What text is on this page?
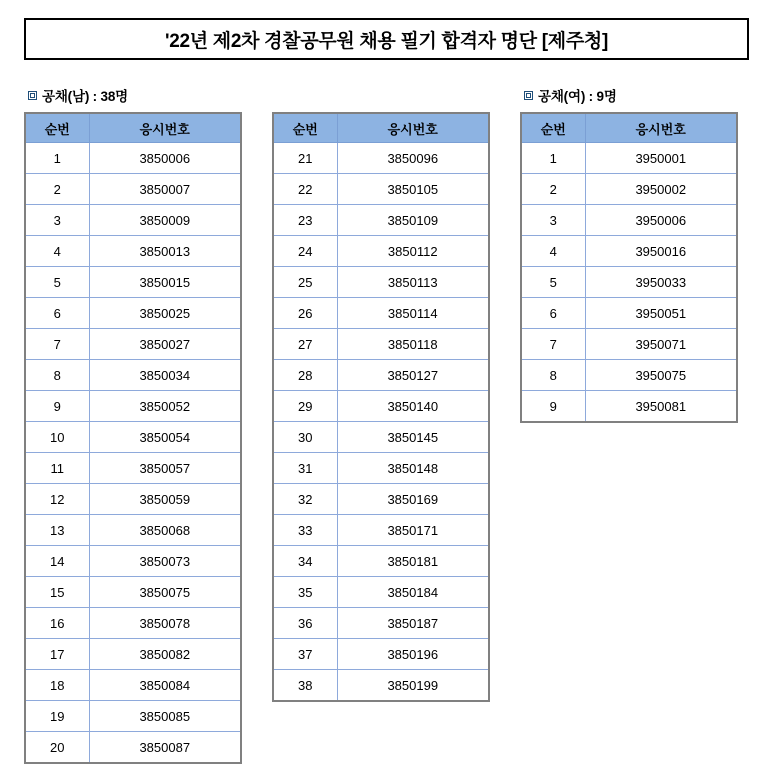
'22년 제2차 경찰공무원 채용 필기 합격자 명단 [제주청]
공채(남) : 38명	공채(여) : 9명
순번	응시번호
1	3850006
2	3850007
3	3850009
4	3850013
5	3850015
6	3850025
7	3850027
8	3850034
9	3850052
10	3850054
11	3850057
12	3850059
13	3850068
14	3850073
15	3850075
16	3850078
17	3850082
18	3850084
19	3850085
20	3850087
순번	응시번호
21	3850096
22	3850105
23	3850109
24	3850112
25	3850113
26	3850114
27	3850118
28	3850127
29	3850140
30	3850145
31	3850148
32	3850169
33	3850171
34	3850181
35	3850184
36	3850187
37	3850196
38	3850199
순번	응시번호
1	3950001
2	3950002
3	3950006
4	3950016
5	3950033
6	3950051
7	3950071
8	3950075
9	3950081
